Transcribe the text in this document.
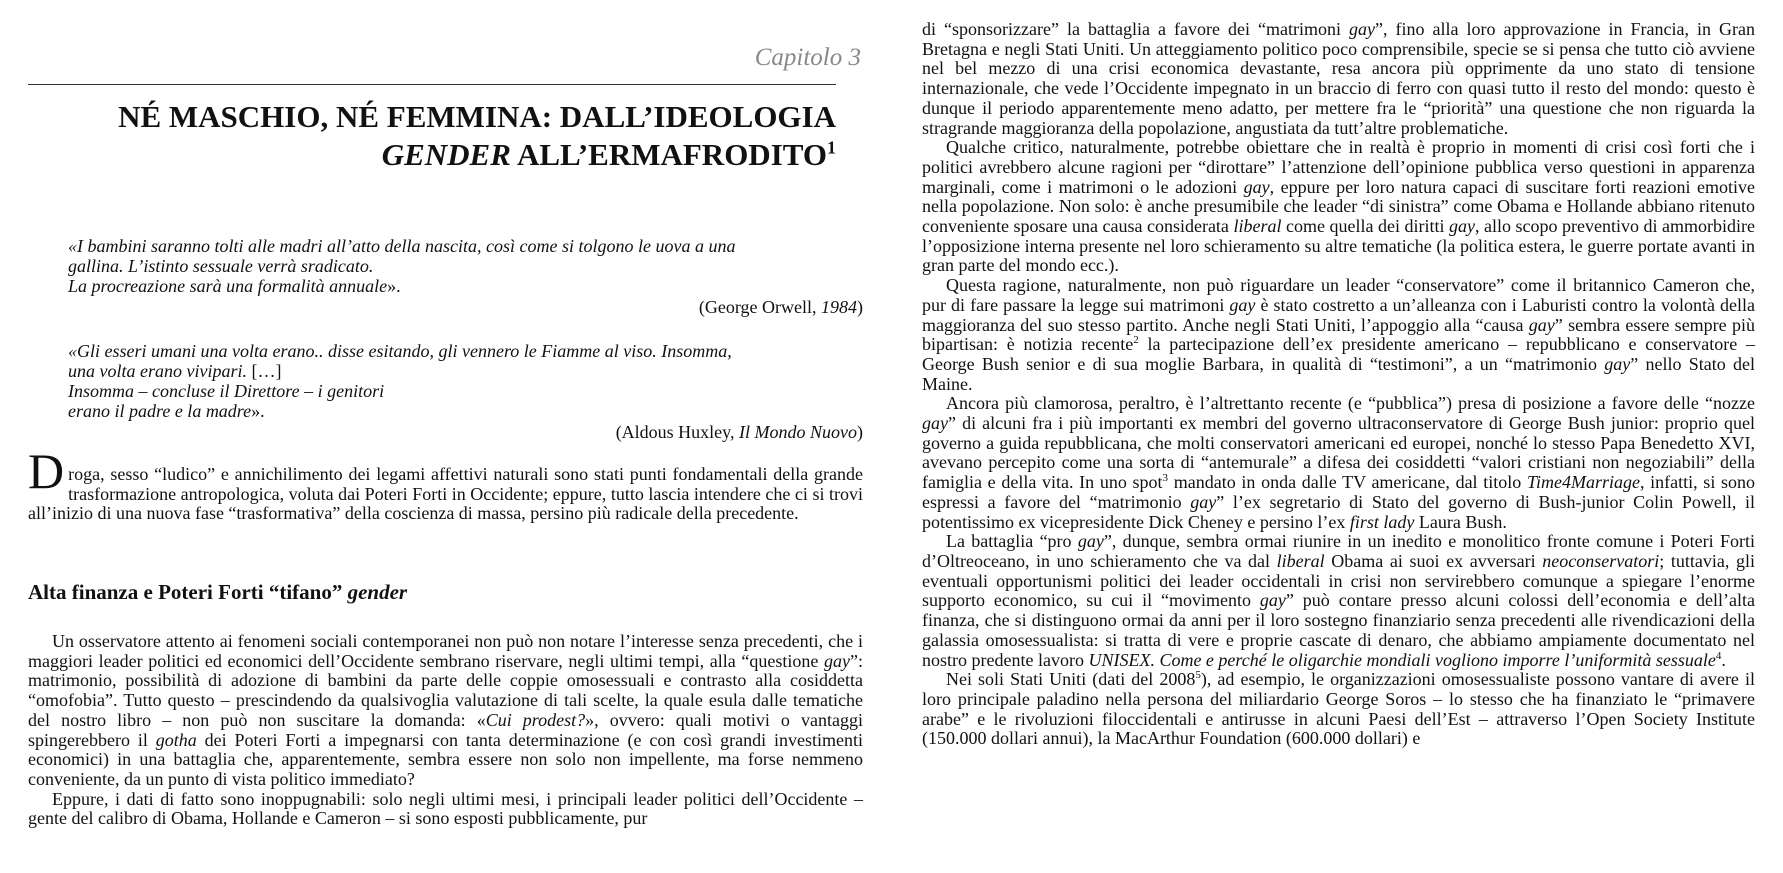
Capitolo 3
NÉ MASCHIO, NÉ FEMMINA: DALL’IDEOLOGIA
GENDER ALL’ERMAFRODITO$^1$
«I bambini saranno tolti alle madri all’atto della nascita, così come si tolgono le uova a una
gallina. L’istinto sessuale verrà sradicato.
La procreazione sarà una formalità annuale».
(George Orwell, 1984)
«Gli esseri umani una volta erano.. disse esitando, gli vennero le Fiamme al viso. Insomma,
una volta erano vivipari. […]
Insomma – concluse il Direttore – i genitori
erano il padre e la madre».
(Aldous Huxley, Il Mondo Nuovo)

Droga, sesso “ludico” e annichilimento dei legami affettivi naturali sono stati punti fondamentali della grande trasformazione antropologica, voluta dai Poteri Forti in Occidente; eppure, tutto lascia intendere che ci si trovi all’inizio di una nuova fase “trasformativa” della coscienza di massa, persino più radicale della precedente.

Alta finanza e Poteri Forti “tifano” gender

Un osservatore attento ai fenomeni sociali contemporanei non può non notare l’interesse senza precedenti, che i maggiori leader politici ed economici dell’Occidente sembrano riservare, negli ultimi tempi, alla “questione gay”: matrimonio, possibilità di adozione di bambini da parte delle coppie omosessuali e contrasto alla cosiddetta “omofobia”. Tutto questo – prescindendo da qualsivoglia valutazione di tali scelte, la quale esula dalle tematiche del nostro libro – non può non suscitare la domanda: «Cui prodest?», ovvero: quali motivi o vantaggi spingerebbero il gotha dei Poteri Forti a impegnarsi con tanta determinazione (e con così grandi investimenti economici) in una battaglia che, apparentemente, sembra essere non solo non impellente, ma forse nemmeno conveniente, da un punto di vista politico immediato?

Eppure, i dati di fatto sono inoppugnabili: solo negli ultimi mesi, i principali leader politici dell’Occidente – gente del calibro di Obama, Hollande e Cameron – si sono esposti pubblicamente, pur

di “sponsorizzare” la battaglia a favore dei “matrimoni gay”, fino alla loro approvazione in Francia, in Gran Bretagna e negli Stati Uniti. Un atteggiamento politico poco comprensibile, specie se si pensa che tutto ciò avviene nel bel mezzo di una crisi economica devastante, resa ancora più opprimente da uno stato di tensione internazionale, che vede l’Occidente impegnato in un braccio di ferro con quasi tutto il resto del mondo: questo è dunque il periodo apparentemente meno adatto, per mettere fra le “priorità” una questione che non riguarda la stragrande maggioranza della popolazione, angustiata da tutt’altre problematiche.

Qualche critico, naturalmente, potrebbe obiettare che in realtà è proprio in momenti di crisi così forti che i politici avrebbero alcune ragioni per “dirottare” l’attenzione dell’opinione pubblica verso questioni in apparenza marginali, come i matrimoni o le adozioni gay, eppure per loro natura capaci di suscitare forti reazioni emotive nella popolazione. Non solo: è anche presumibile che leader “di sinistra” come Obama e Hollande abbiano ritenuto conveniente sposare una causa considerata liberal come quella dei diritti gay, allo scopo preventivo di ammorbidire l’opposizione interna presente nel loro schieramento su altre tematiche (la politica estera, le guerre portate avanti in gran parte del mondo ecc.).

Questa ragione, naturalmente, non può riguardare un leader “conservatore” come il britannico Cameron che, pur di fare passare la legge sui matrimoni gay è stato costretto a un’alleanza con i Laburisti contro la volontà della maggioranza del suo stesso partito. Anche negli Stati Uniti, l’appoggio alla “causa gay” sembra essere sempre più bipartisan: è notizia recente$^2$ la partecipazione dell’ex presidente americano – repubblicano e conservatore – George Bush senior e di sua moglie Barbara, in qualità di “testimoni”, a un “matrimonio gay” nello Stato del Maine.

Ancora più clamorosa, peraltro, è l’altrettanto recente (e “pubblica”) presa di posizione a favore delle “nozze gay” di alcuni fra i più importanti ex membri del governo ultraconservatore di George Bush junior: proprio quel governo a guida repubblicana, che molti conservatori americani ed europei, nonché lo stesso Papa Benedetto XVI, avevano percepito come una sorta di “antemurale” a difesa dei cosiddetti “valori cristiani non negoziabili” della famiglia e della vita. In uno spot$^3$ mandato in onda dalle TV americane, dal titolo Time4Marriage, infatti, si sono espressi a favore del “matrimonio gay” l’ex segretario di Stato del governo di Bush-junior Colin Powell, il potentissimo ex vicepresidente Dick Cheney e persino l’ex first lady Laura Bush.

La battaglia “pro gay”, dunque, sembra ormai riunire in un inedito e monolitico fronte comune i Poteri Forti d’Oltreoceano, in uno schieramento che va dal liberal Obama ai suoi ex avversari neoconservatori; tuttavia, gli eventuali opportunismi politici dei leader occidentali in crisi non servirebbero comunque a spiegare l’enorme supporto economico, su cui il “movimento gay” può contare presso alcuni colossi dell’economia e dell’alta finanza, che si distinguono ormai da anni per il loro sostegno finanziario senza precedenti alle rivendicazioni della galassia omosessualista: si tratta di vere e proprie cascate di denaro, che abbiamo ampiamente documentato nel nostro predente lavoro UNISEX. Come e perché le oligarchie mondiali vogliono imporre l’uniformità sessuale$^4$.

Nei soli Stati Uniti (dati del 2008$^5$), ad esempio, le organizzazioni omosessualiste possono vantare di avere il loro principale paladino nella persona del miliardario George Soros – lo stesso che ha finanziato le “primavere arabe” e le rivoluzioni filoccidentali e antirusse in alcuni Paesi dell’Est – attraverso l’Open Society Institute (150.000 dollari annui), la MacArthur Foundation (600.000 dollari) e
